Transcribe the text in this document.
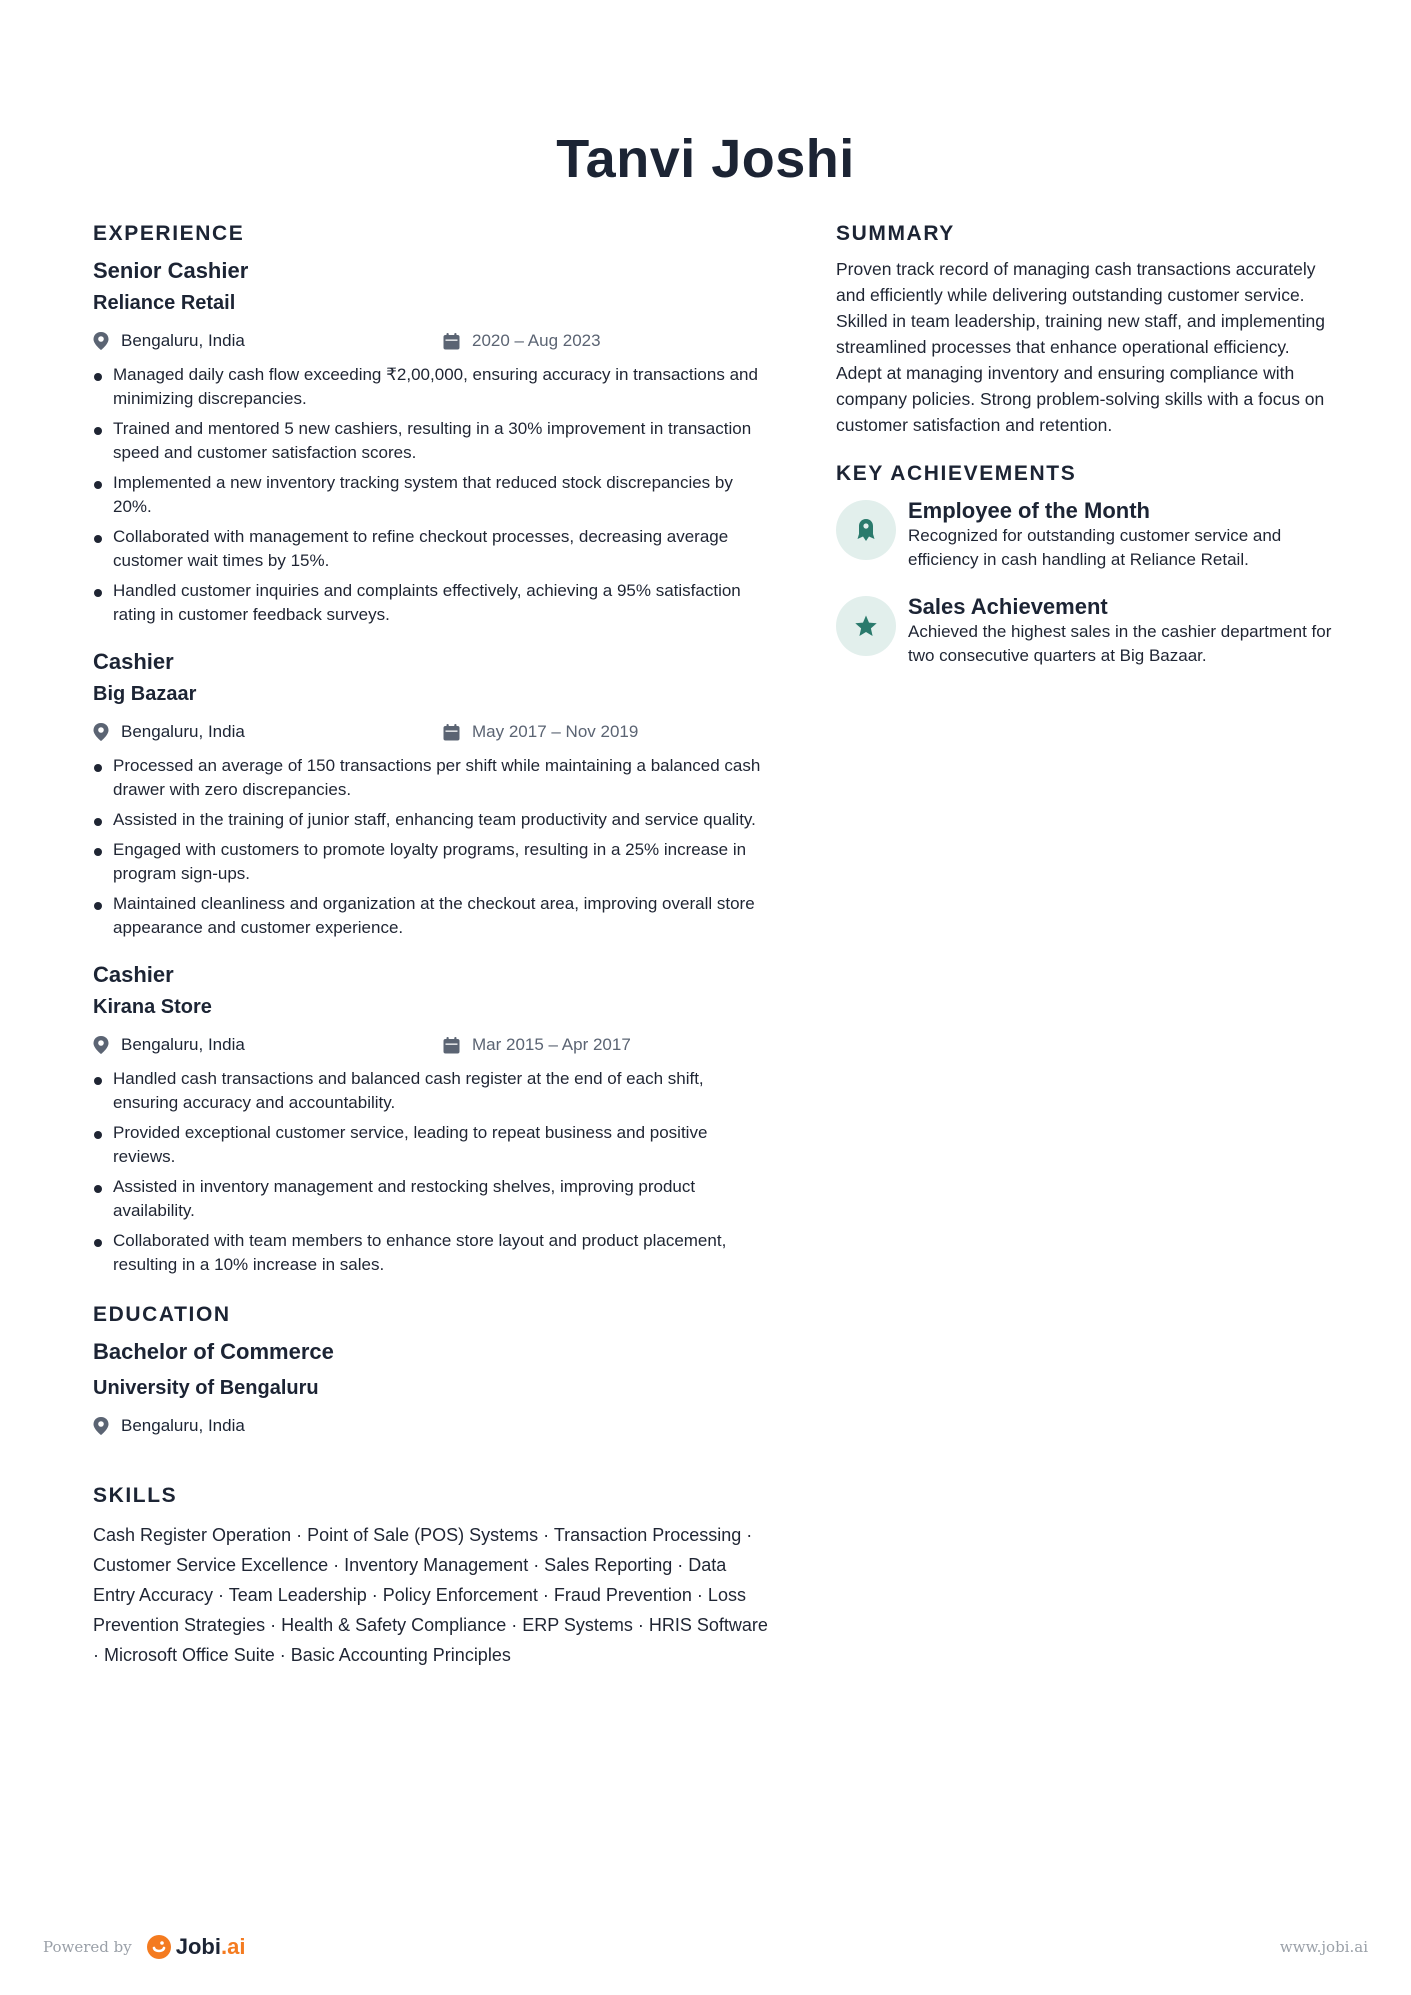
Tanvi Joshi
EXPERIENCE
Senior Cashier
Reliance Retail
Bengaluru, India	2020 – Aug 2023
Managed daily cash flow exceeding ₹2,00,000, ensuring accuracy in transactions and minimizing discrepancies.
Trained and mentored 5 new cashiers, resulting in a 30% improvement in transaction speed and customer satisfaction scores.
Implemented a new inventory tracking system that reduced stock discrepancies by 20%.
Collaborated with management to refine checkout processes, decreasing average customer wait times by 15%.
Handled customer inquiries and complaints effectively, achieving a 95% satisfaction rating in customer feedback surveys.
Cashier
Big Bazaar
Bengaluru, India	May 2017 – Nov 2019
Processed an average of 150 transactions per shift while maintaining a balanced cash drawer with zero discrepancies.
Assisted in the training of junior staff, enhancing team productivity and service quality.
Engaged with customers to promote loyalty programs, resulting in a 25% increase in program sign-ups.
Maintained cleanliness and organization at the checkout area, improving overall store appearance and customer experience.
Cashier
Kirana Store
Bengaluru, India	Mar 2015 – Apr 2017
Handled cash transactions and balanced cash register at the end of each shift, ensuring accuracy and accountability.
Provided exceptional customer service, leading to repeat business and positive reviews.
Assisted in inventory management and restocking shelves, improving product availability.
Collaborated with team members to enhance store layout and product placement, resulting in a 10% increase in sales.
EDUCATION
Bachelor of Commerce
University of Bengaluru
Bengaluru, India
SKILLS
Cash Register Operation · Point of Sale (POS) Systems · Transaction Processing · Customer Service Excellence · Inventory Management · Sales Reporting · Data Entry Accuracy · Team Leadership · Policy Enforcement · Fraud Prevention · Loss Prevention Strategies · Health & Safety Compliance · ERP Systems · HRIS Software · Microsoft Office Suite · Basic Accounting Principles
SUMMARY
Proven track record of managing cash transactions accurately and efficiently while delivering outstanding customer service. Skilled in team leadership, training new staff, and implementing streamlined processes that enhance operational efficiency. Adept at managing inventory and ensuring compliance with company policies. Strong problem-solving skills with a focus on customer satisfaction and retention.
KEY ACHIEVEMENTS
Employee of the Month
Recognized for outstanding customer service and efficiency in cash handling at Reliance Retail.
Sales Achievement
Achieved the highest sales in the cashier department for two consecutive quarters at Big Bazaar.
Powered by Jobi .ai	www.jobi.ai
